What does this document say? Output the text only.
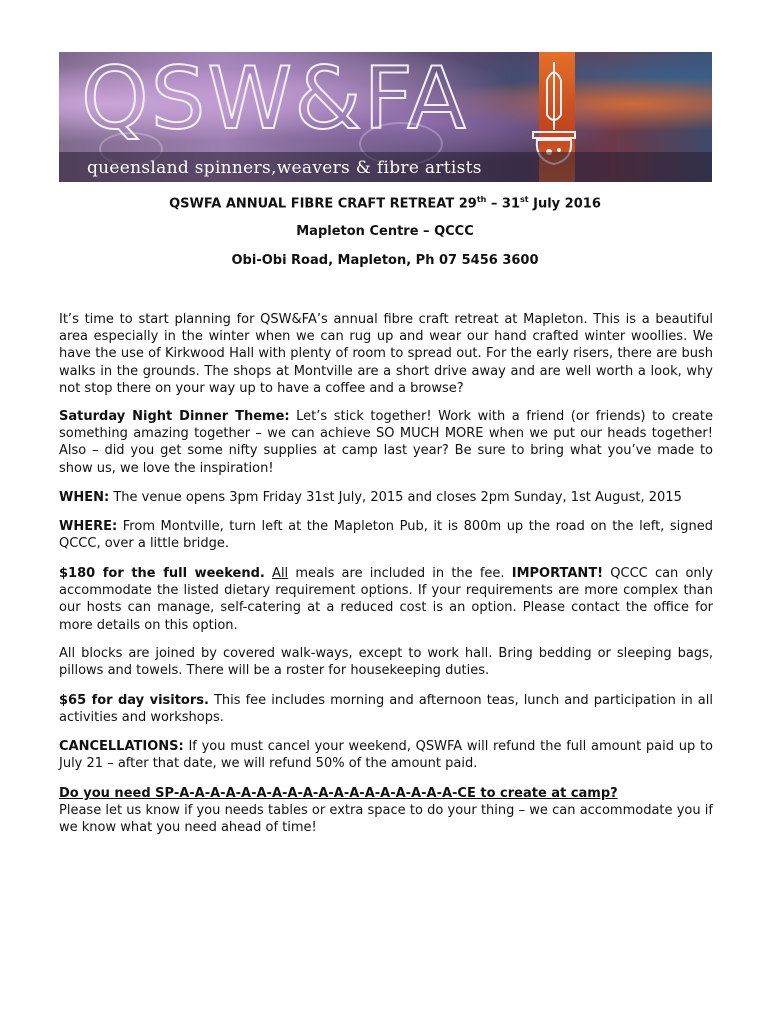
QSW&FA
queensland spinners,weavers & fibre artists
QSWFA ANNUAL FIBRE CRAFT RETREAT 29th – 31st July 2016
Mapleton Centre – QCCC
Obi-Obi Road, Mapleton, Ph 07 5456 3600
It’s time to start planning for QSW&FA’s annual fibre craft retreat at Mapleton. This is a beautiful area especially in the winter when we can rug up and wear our hand crafted winter woollies. We have the use of Kirkwood Hall with plenty of room to spread out. For the early risers, there are bush walks in the grounds. The shops at Montville are a short drive away and are well worth a look, why not stop there on your way up to have a coffee and a browse?
Saturday Night Dinner Theme: Let’s stick together! Work with a friend (or friends) to create something amazing together – we can achieve SO MUCH MORE when we put our heads together! Also – did you get some nifty supplies at camp last year? Be sure to bring what you’ve made to show us, we love the inspiration!
WHEN: The venue opens 3pm Friday 31st July, 2015 and closes 2pm Sunday, 1st August, 2015
WHERE: From Montville, turn left at the Mapleton Pub, it is 800m up the road on the left, signed QCCC, over a little bridge.
$180 for the full weekend. All meals are included in the fee. IMPORTANT! QCCC can only accommodate the listed dietary requirement options. If your requirements are more complex than our hosts can manage, self-catering at a reduced cost is an option. Please contact the office for more details on this option.
All blocks are joined by covered walk-ways, except to work hall. Bring bedding or sleeping bags, pillows and towels. There will be a roster for housekeeping duties.
$65 for day visitors. This fee includes morning and afternoon teas, lunch and participation in all activities and workshops.
CANCELLATIONS: If you must cancel your weekend, QSWFA will refund the full amount paid up to July 21 – after that date, we will refund 50% of the amount paid.
Do you need SP-A-A-A-A-A-A-A-A-A-A-A-A-A-A-A-A-A-A-CE to create at camp?
Please let us know if you needs tables or extra space to do your thing – we can accommodate you if we know what you need ahead of time!
